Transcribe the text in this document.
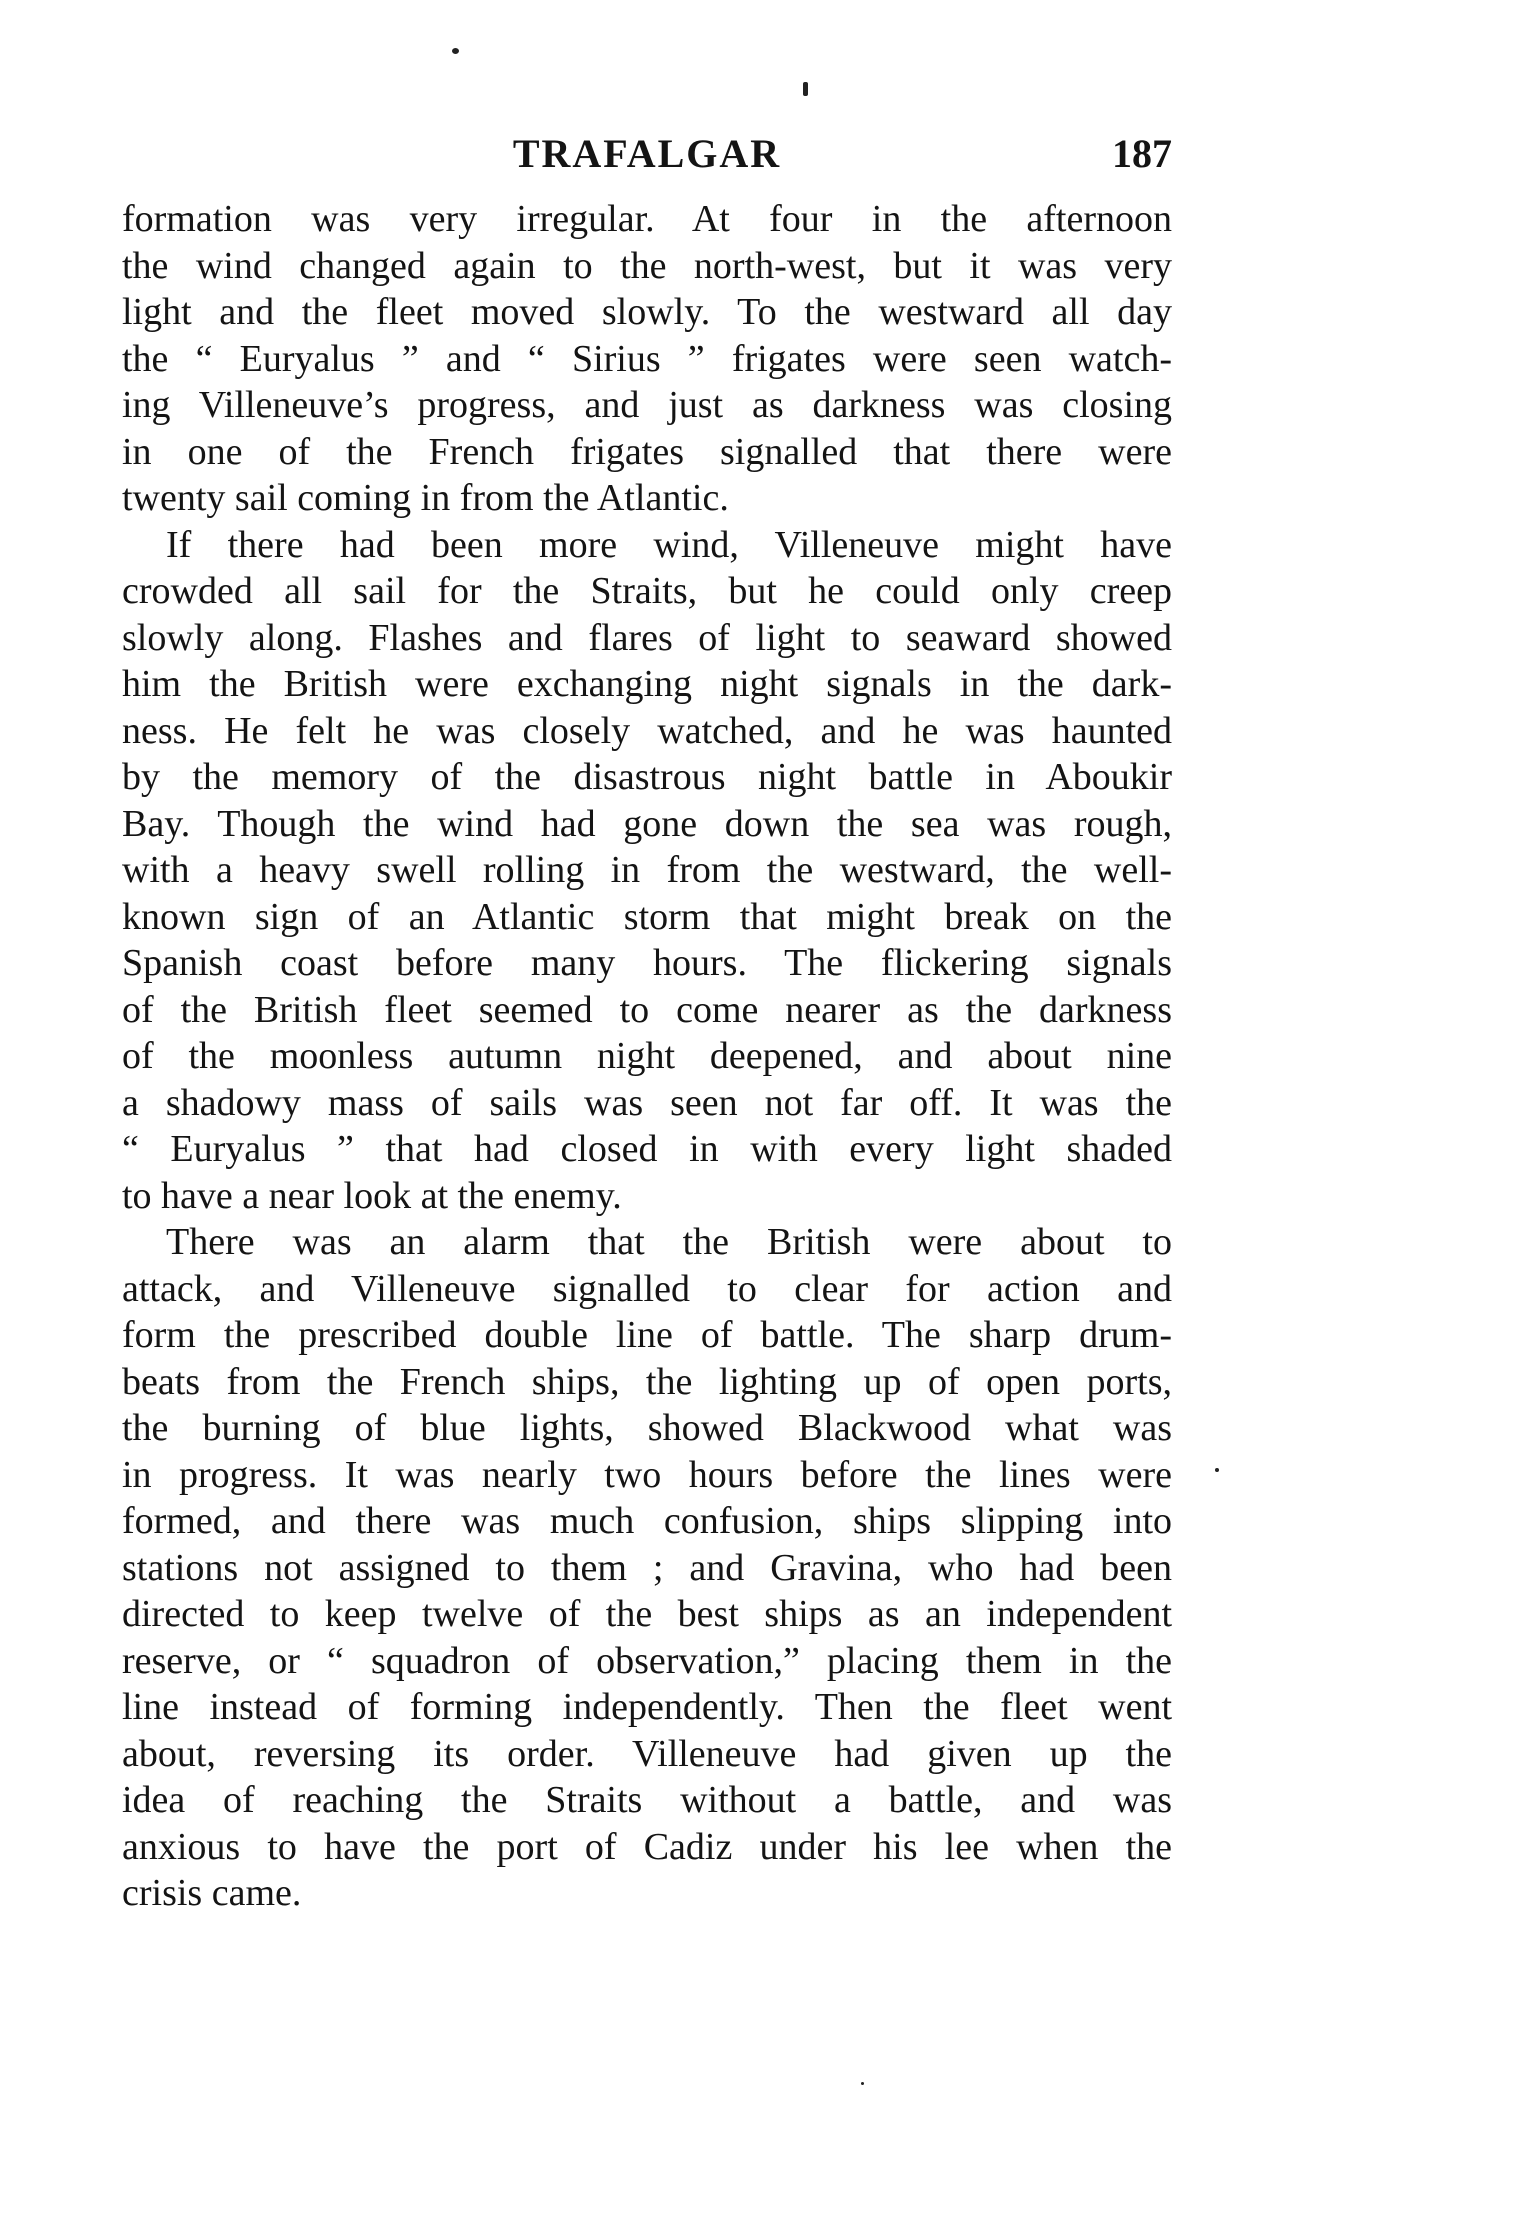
TRAFALGAR	187
formation was very irregular. At four in the afternoon
the wind changed again to the north-west, but it was very
light and the fleet moved slowly. To the westward all day
the “ Euryalus ” and “ Sirius ” frigates were seen watch-
ing Villeneuve’s progress, and just as darkness was closing
in one of the French frigates signalled that there were
twenty sail coming in from the Atlantic.
If there had been more wind, Villeneuve might have
crowded all sail for the Straits, but he could only creep
slowly along. Flashes and flares of light to seaward showed
him the British were exchanging night signals in the dark-
ness. He felt he was closely watched, and he was haunted
by the memory of the disastrous night battle in Aboukir
Bay. Though the wind had gone down the sea was rough,
with a heavy swell rolling in from the westward, the well-
known sign of an Atlantic storm that might break on the
Spanish coast before many hours. The flickering signals
of the British fleet seemed to come nearer as the darkness
of the moonless autumn night deepened, and about nine
a shadowy mass of sails was seen not far off. It was the
“ Euryalus ” that had closed in with every light shaded
to have a near look at the enemy.
There was an alarm that the British were about to
attack, and Villeneuve signalled to clear for action and
form the prescribed double line of battle. The sharp drum-
beats from the French ships, the lighting up of open ports,
the burning of blue lights, showed Blackwood what was
in progress. It was nearly two hours before the lines were
formed, and there was much confusion, ships slipping into
stations not assigned to them ; and Gravina, who had been
directed to keep twelve of the best ships as an independent
reserve, or “ squadron of observation,” placing them in the
line instead of forming independently. Then the fleet went
about, reversing its order. Villeneuve had given up the
idea of reaching the Straits without a battle, and was
anxious to have the port of Cadiz under his lee when the
crisis came.
